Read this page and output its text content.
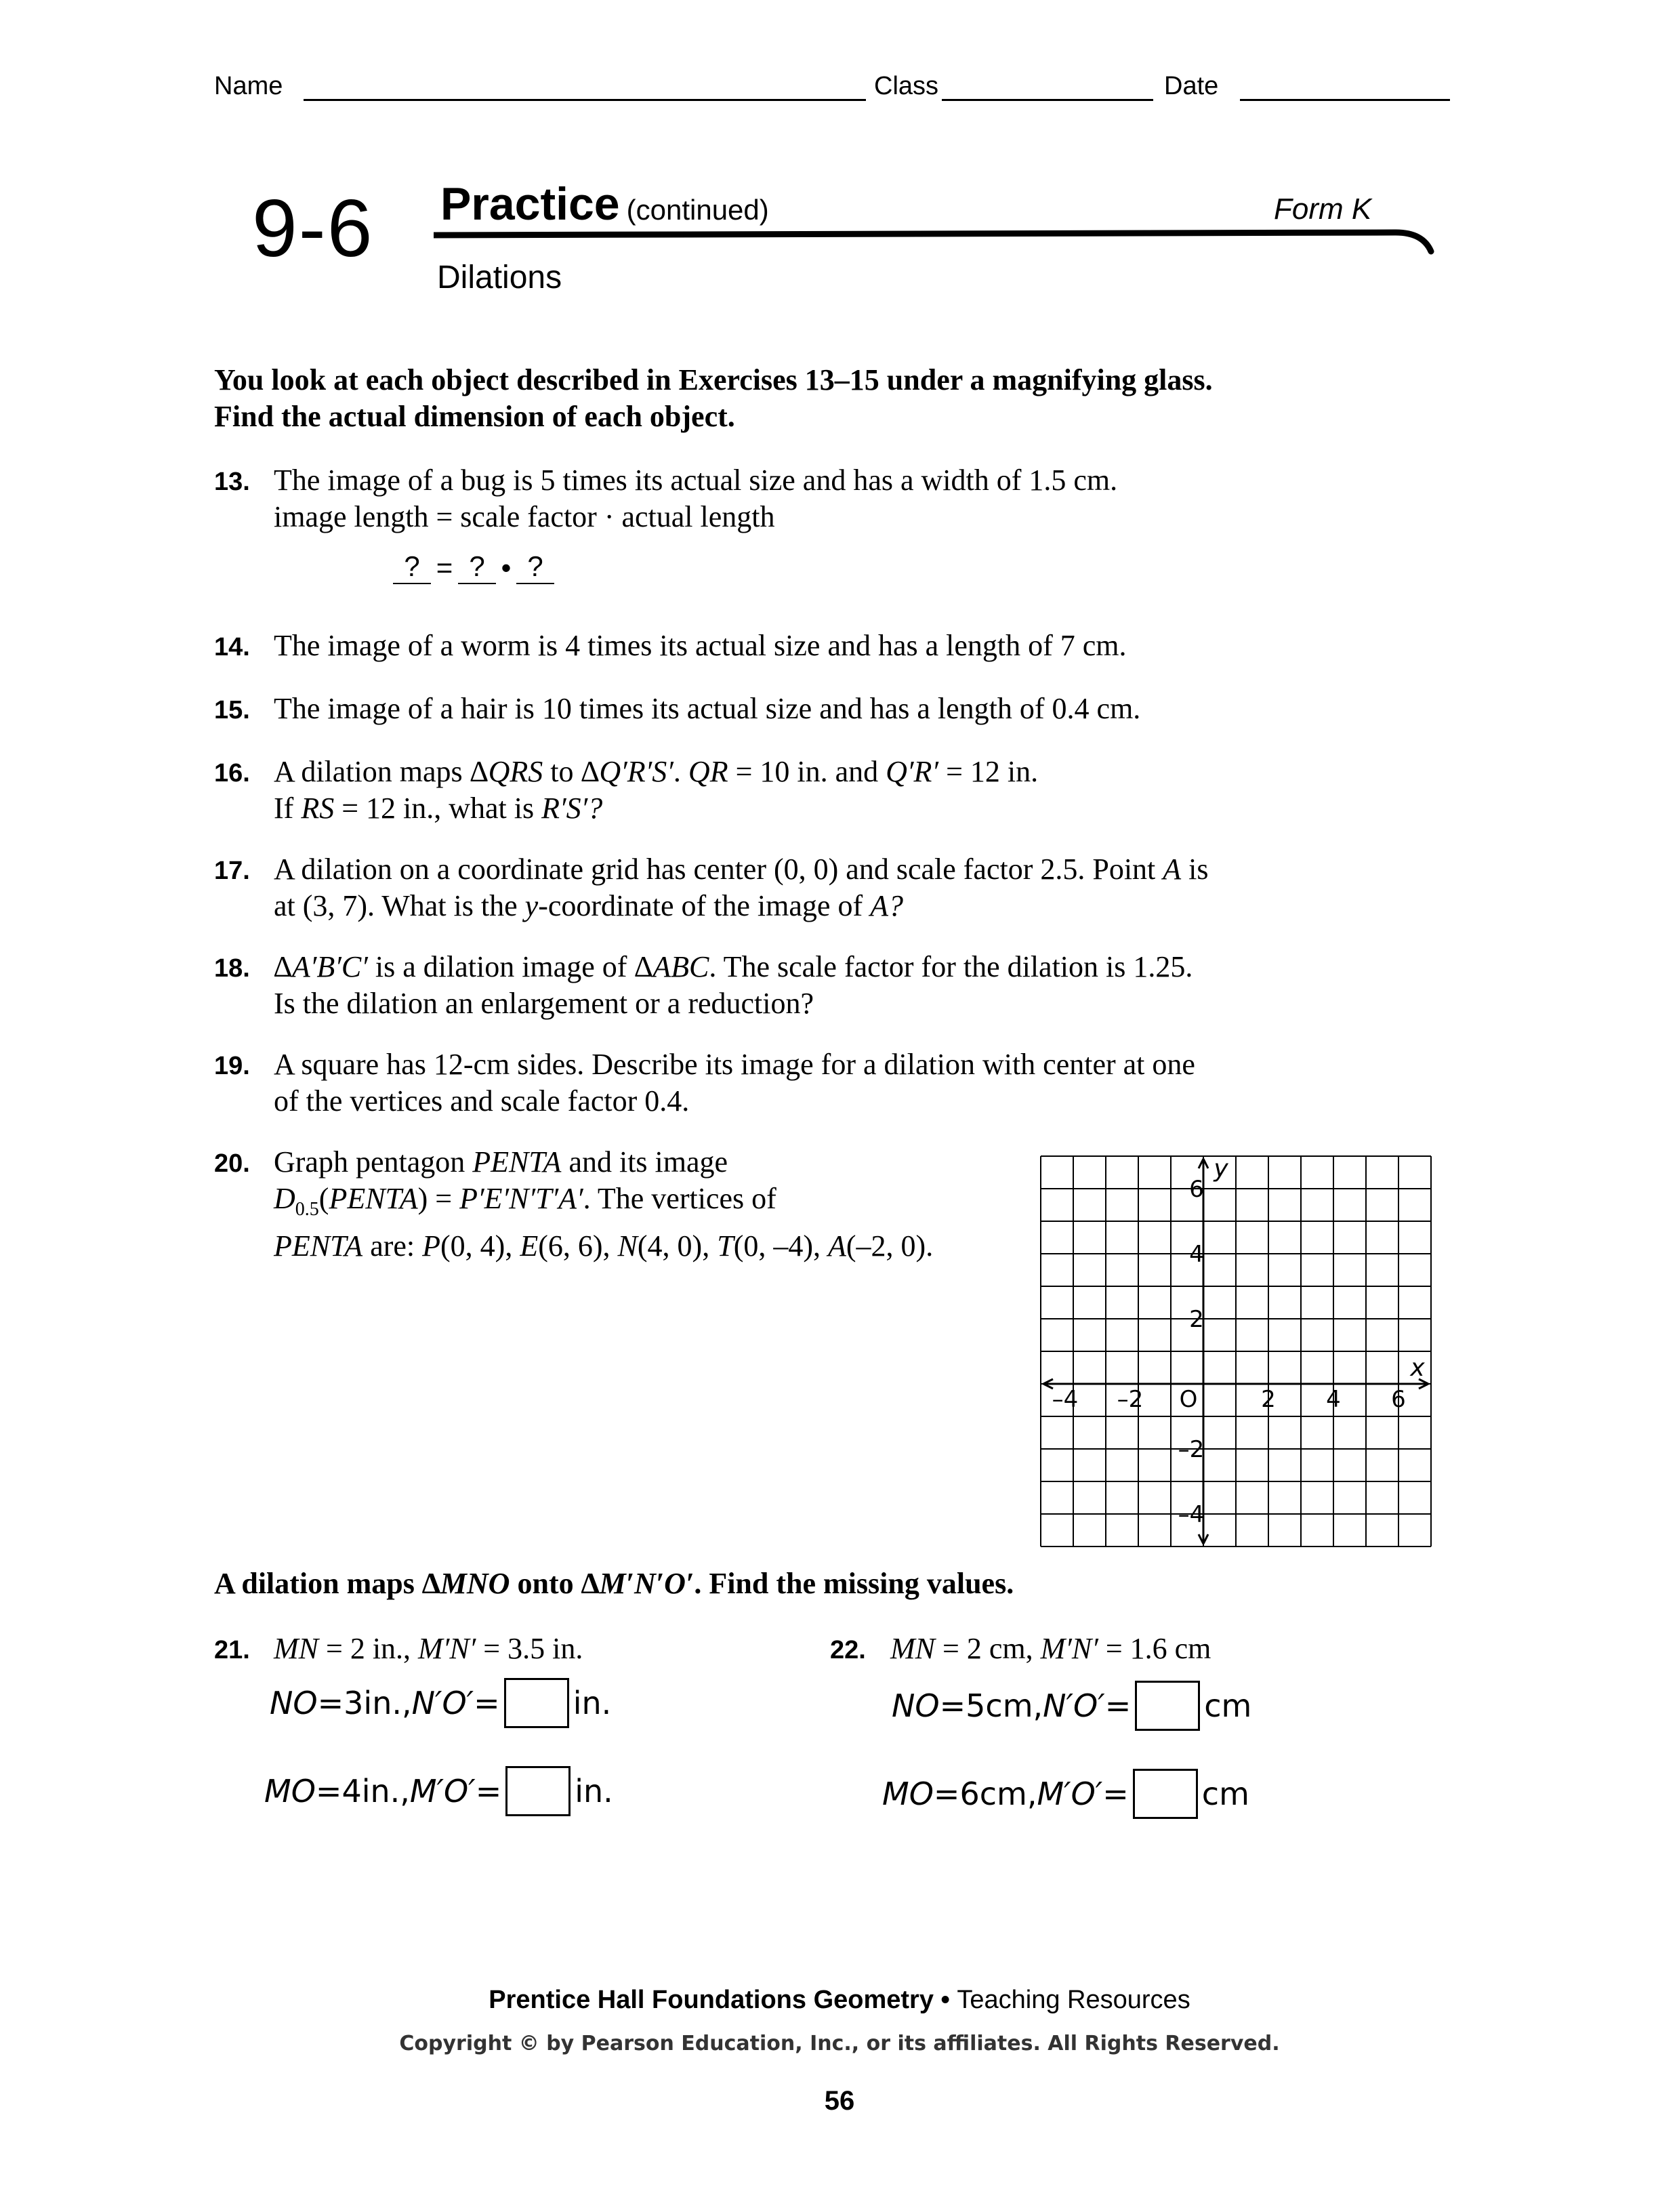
Name	Class	Date
9-6 Practice (continued)	Form K
Dilations
You look at each object described in Exercises 13–15 under a magnifying glass.
Find the actual dimension of each object.
13. The image of a bug is 5 times its actual size and has a width of 1.5 cm.
image length = scale factor · actual length
? = ? • ?
14. The image of a worm is 4 times its actual size and has a length of 7 cm.
15. The image of a hair is 10 times its actual size and has a length of 0.4 cm.
16. A dilation maps ∆QRS to ∆Q′R′S′. QR = 10 in. and Q′R′ = 12 in.
If RS = 12 in., what is R′S′?
17. A dilation on a coordinate grid has center (0, 0) and scale factor 2.5. Point A is
at (3, 7). What is the y-coordinate of the image of A?
18. ∆A′B′C′ is a dilation image of ∆ABC. The scale factor for the dilation is 1.25.
Is the dilation an enlargement or a reduction?
19. A square has 12-cm sides. Describe its image for a dilation with center at one
of the vertices and scale factor 0.4.
20. Graph pentagon PENTA and its image
$D_{0.5}(PENTA) = P'E'N'T'A'$. The vertices of
PENTA are: P(0, 4), E(6, 6), N(4, 0), T(0, –4), A(–2, 0).
–4 –2	2 4 6
6
4
2
–2
–4
O
x
y
A dilation maps ∆MNO onto ∆M′N′O′. Find the missing values.
21. MN = 2 in., M′N′ = 3.5 in.
NO =3in., N′O′ = in.
MO =4in., M′O′ = in.
22. MN = 2 cm, M′N′ = 1.6 cm
NO =5cm, N′O′ = cm
MO =6cm, M′O′ = cm
Prentice Hall Foundations Geometry • Teaching Resources
Copyright © by Pearson Education, Inc., or its affiliates. All Rights Reserved.
56
